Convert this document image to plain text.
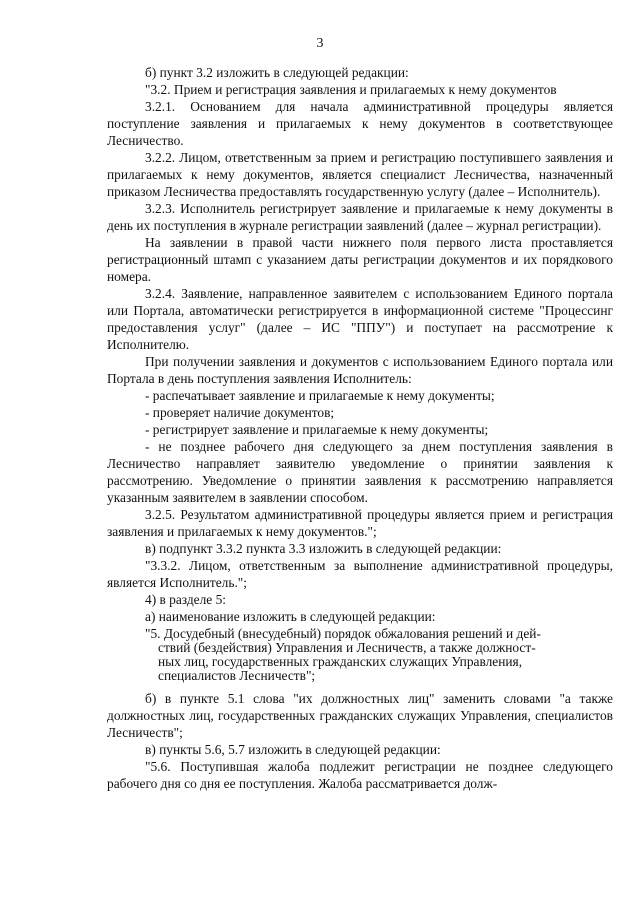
3

б) пункт 3.2 изложить в следующей редакции:

"3.2. Прием и регистрация заявления и прилагаемых к нему документов

3.2.1. Основанием для начала административной процедуры является поступление заявления и прилагаемых к нему документов в соответствующее Лесничество.

3.2.2. Лицом, ответственным за прием и регистрацию поступившего заявления и прилагаемых к нему документов, является специалист Лесничества, назначенный приказом Лесничества предоставлять государственную услугу (далее – Исполнитель).

3.2.3. Исполнитель регистрирует заявление и прилагаемые к нему документы в день их поступления в журнале регистрации заявлений (далее – журнал регистрации).

На заявлении в правой части нижнего поля первого листа проставляется регистрационный штамп с указанием даты регистрации документов и их порядкового номера.

3.2.4. Заявление, направленное заявителем с использованием Единого портала или Портала, автоматически регистрируется в информационной системе "Процессинг предоставления услуг" (далее – ИС "ППУ") и поступает на рассмотрение к Исполнителю.

При получении заявления и документов с использованием Единого портала или Портала в день поступления заявления Исполнитель:

- распечатывает заявление и прилагаемые к нему документы;

- проверяет наличие документов;

- регистрирует заявление и прилагаемые к нему документы;

- не позднее рабочего дня следующего за днем поступления заявления в Лесничество направляет заявителю уведомление о принятии заявления к рассмотрению. Уведомление о принятии заявления к рассмотрению направляется указанным заявителем в заявлении способом.

3.2.5. Результатом административной процедуры является прием и регистрация заявления и прилагаемых к нему документов.";

в) подпункт 3.3.2 пункта 3.3 изложить в следующей редакции:

"3.3.2. Лицом, ответственным за выполнение административной процедуры, является Исполнитель.";

4) в разделе 5:

а) наименование изложить в следующей редакции:

"5. Досудебный (внесудебный) порядок обжалования решений и дей-
ствий (бездействия) Управления и Лесничеств, а также должност-
ных лиц, государственных гражданских служащих Управления,
специалистов Лесничеств";

б) в пункте 5.1 слова "их должностных лиц" заменить словами "а также должностных лиц, государственных гражданских служащих Управления, специалистов Лесничеств";

в) пункты 5.6, 5.7 изложить в следующей редакции:

"5.6. Поступившая жалоба подлежит регистрации не позднее следующего рабочего дня со дня ее поступления. Жалоба рассматривается долж-
